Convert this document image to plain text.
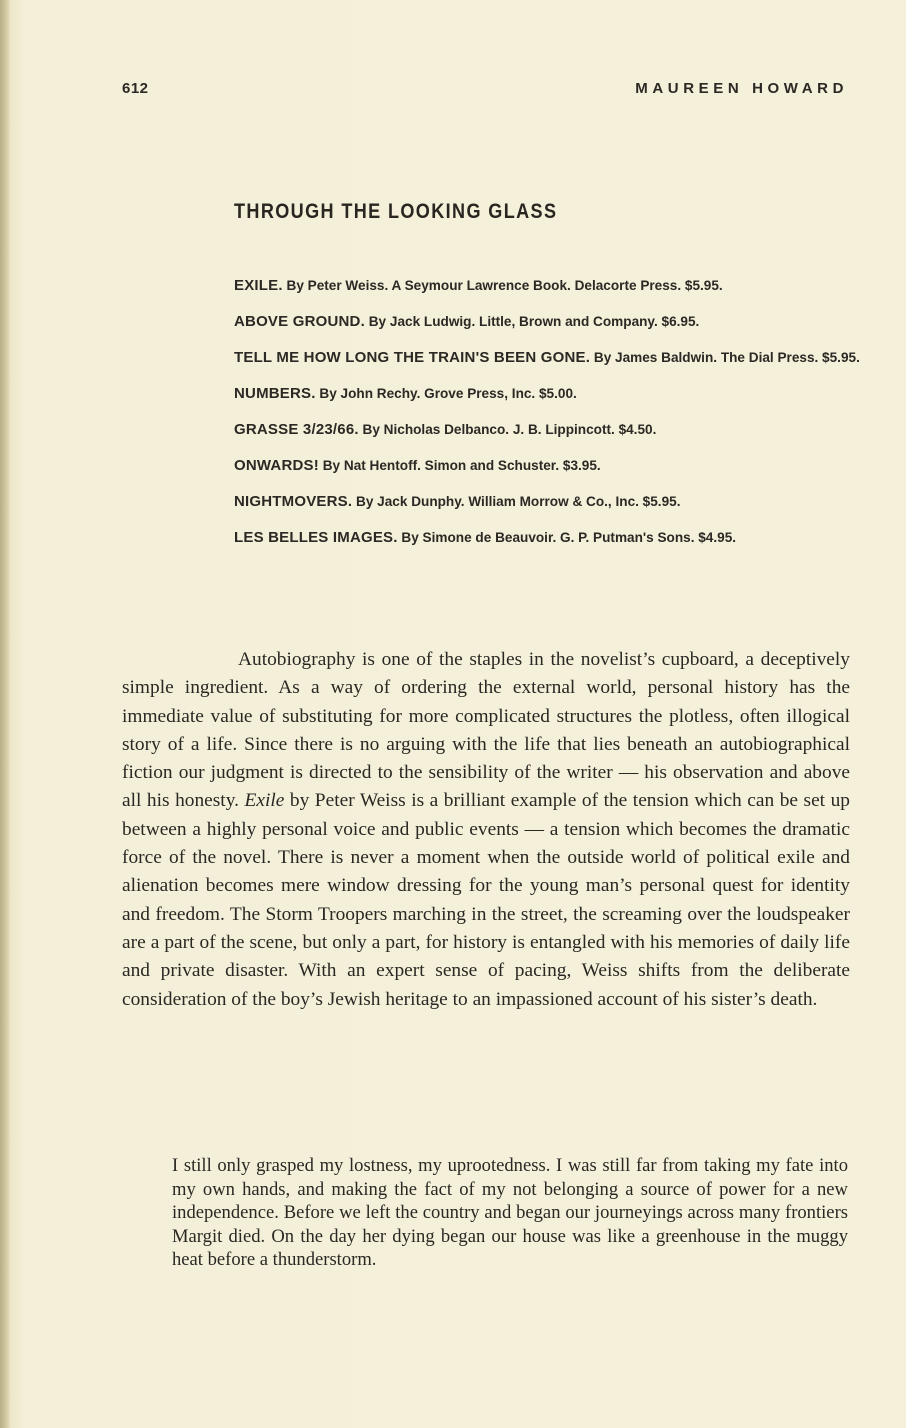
612	MAUREEN HOWARD
THROUGH THE LOOKING GLASS

EXILE. By Peter Weiss. A Seymour Lawrence Book. Delacorte Press. $5.95.

ABOVE GROUND. By Jack Ludwig. Little, Brown and Company. $6.95.

TELL ME HOW LONG THE TRAIN'S BEEN GONE. By James Baldwin. The Dial Press. $5.95.

NUMBERS. By John Rechy. Grove Press, Inc. $5.00.

GRASSE 3/23/66. By Nicholas Delbanco. J. B. Lippincott. $4.50.

ONWARDS! By Nat Hentoff. Simon and Schuster. $3.95.

NIGHTMOVERS. By Jack Dunphy. William Morrow & Co., Inc. $5.95.

LES BELLES IMAGES. By Simone de Beauvoir. G. P. Putman's Sons. $4.95.

Autobiography is one of the staples in the novelist’s cupboard, a deceptively simple ingredient. As a way of ordering the external world, personal history has the immediate value of substituting for more complicated structures the plotless, often illogical story of a life. Since there is no arguing with the life that lies beneath an autobiographical fiction our judgment is directed to the sensibility of the writer — his observation and above all his honesty. Exile by Peter Weiss is a brilliant example of the tension which can be set up between a highly personal voice and public events — a tension which becomes the dramatic force of the novel. There is never a moment when the outside world of political exile and alienation becomes mere window dressing for the young man’s personal quest for identity and freedom. The Storm Troopers marching in the street, the screaming over the loudspeaker are a part of the scene, but only a part, for history is entangled with his memories of daily life and private disaster. With an expert sense of pacing, Weiss shifts from the deliberate consideration of the boy’s Jewish heritage to an impassioned account of his sister’s death.

I still only grasped my lostness, my uprootedness. I was still far from taking my fate into my own hands, and making the fact of my not belonging a source of power for a new independence. Before we left the country and began our journeyings across many frontiers Margit died. On the day her dying began our house was like a greenhouse in the muggy heat before a thunderstorm.
